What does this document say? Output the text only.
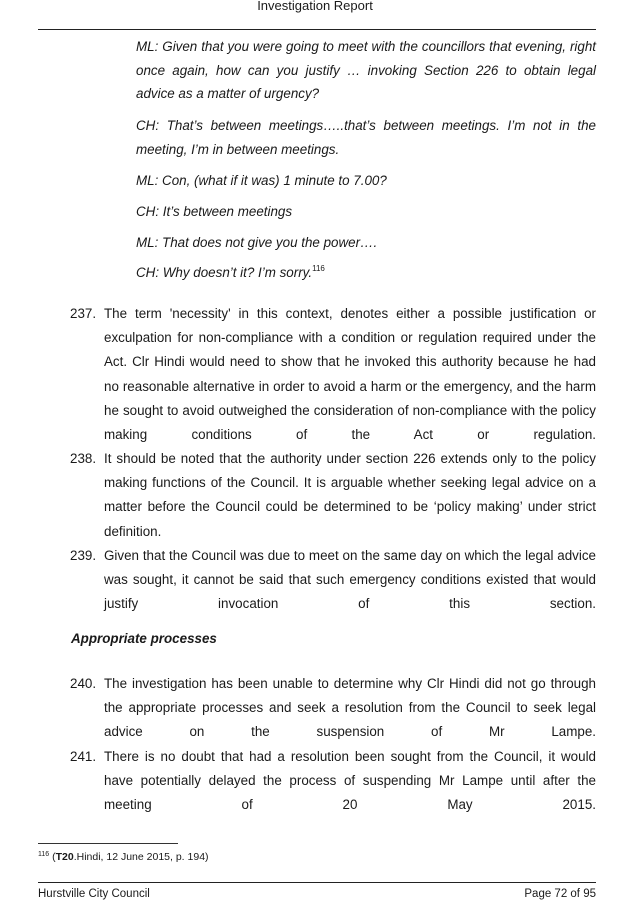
Investigation Report
ML: Given that you were going to meet with the councillors that evening, right once again, how can you justify … invoking Section 226 to obtain legal advice as a matter of urgency?
CH: That’s between meetings…..that’s between meetings. I’m not in the meeting, I’m in between meetings.
ML: Con, (what if it was) 1 minute to 7.00?
CH: It’s between meetings
ML: That does not give you the power….
CH: Why doesn’t it? I’m sorry.$^{116}$
237. The term 'necessity' in this context, denotes either a possible justification or exculpation for non-compliance with a condition or regulation required under the Act. Clr Hindi would need to show that he invoked this authority because he had no reasonable alternative in order to avoid a harm or the emergency, and the harm he sought to avoid outweighed the consideration of non-compliance with the policy making conditions of the Act or regulation.
238. It should be noted that the authority under section 226 extends only to the policy making functions of the Council. It is arguable whether seeking legal advice on a matter before the Council could be determined to be ‘policy making’ under strict definition.
239. Given that the Council was due to meet on the same day on which the legal advice was sought, it cannot be said that such emergency conditions existed that would justify invocation of this section.
Appropriate processes
240. The investigation has been unable to determine why Clr Hindi did not go through the appropriate processes and seek a resolution from the Council to seek legal advice on the suspension of Mr Lampe.
241. There is no doubt that had a resolution been sought from the Council, it would have potentially delayed the process of suspending Mr Lampe until after the meeting of 20 May 2015.
$^{116}$ (T20.Hindi, 12 June 2015, p. 194)
Hurstville City Council	Page 72 of 95
